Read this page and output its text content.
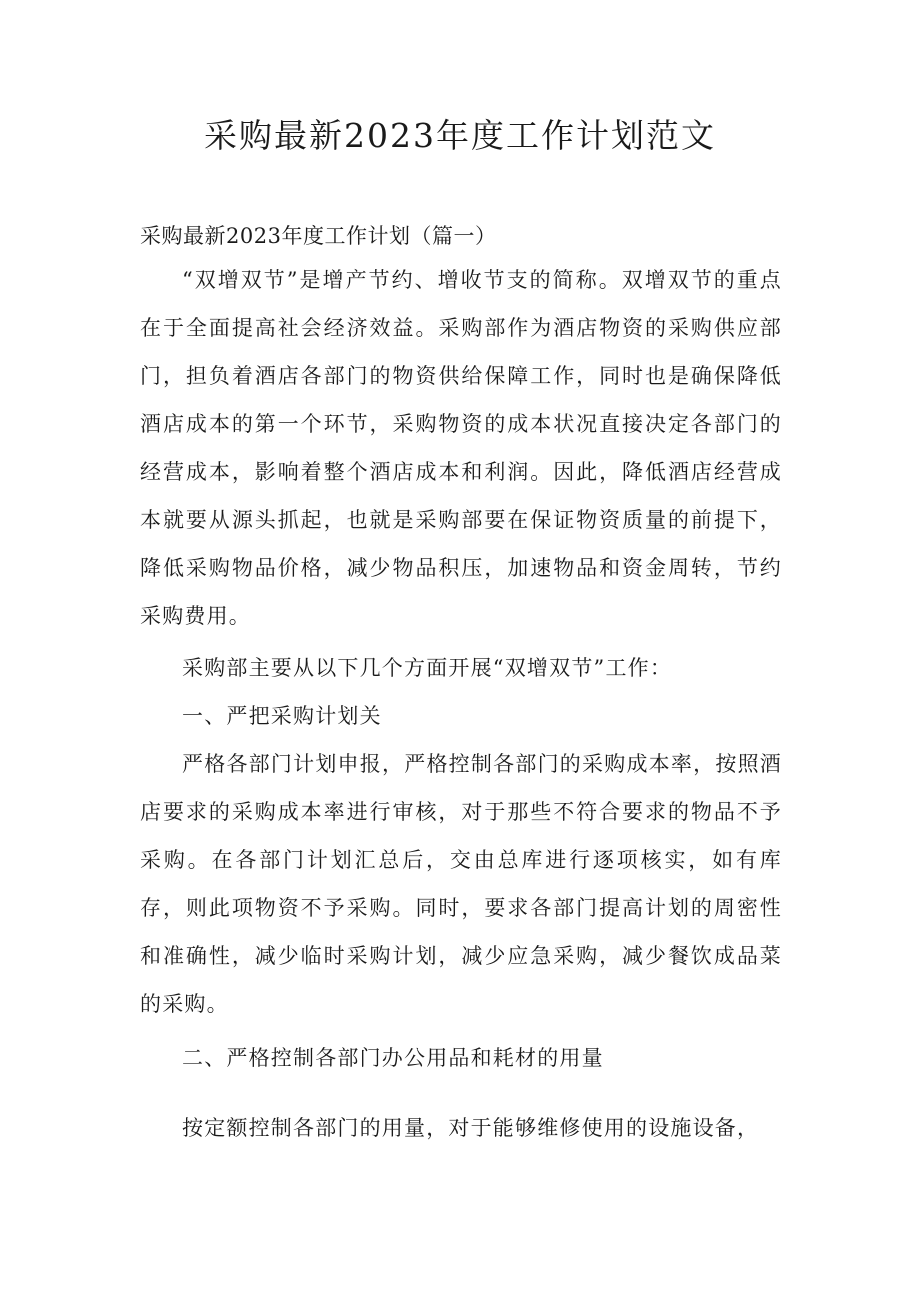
采购最新2023年度工作计划范文

采购最新2023年度工作计划（篇一）

“双增双节”是增产节约、增收节支的简称。双增双节的重点在于全面提高社会经济效益。采购部作为酒店物资的采购供应部门，担负着酒店各部门的物资供给保障工作，同时也是确保降低酒店成本的第一个环节，采购物资的成本状况直接决定各部门的经营成本，影响着整个酒店成本和利润。因此，降低酒店经营成本就要从源头抓起，也就是采购部要在保证物资质量的前提下，降低采购物品价格，减少物品积压，加速物品和资金周转，节约采购费用。

采购部主要从以下几个方面开展“双增双节”工作：

一、严把采购计划关

严格各部门计划申报，严格控制各部门的采购成本率，按照酒店要求的采购成本率进行审核，对于那些不符合要求的物品不予采购。在各部门计划汇总后，交由总库进行逐项核实，如有库存，则此项物资不予采购。同时，要求各部门提高计划的周密性和准确性，减少临时采购计划，减少应急采购，减少餐饮成品菜的采购。

二、严格控制各部门办公用品和耗材的用量

按定额控制各部门的用量，对于能够维修使用的设施设备，
